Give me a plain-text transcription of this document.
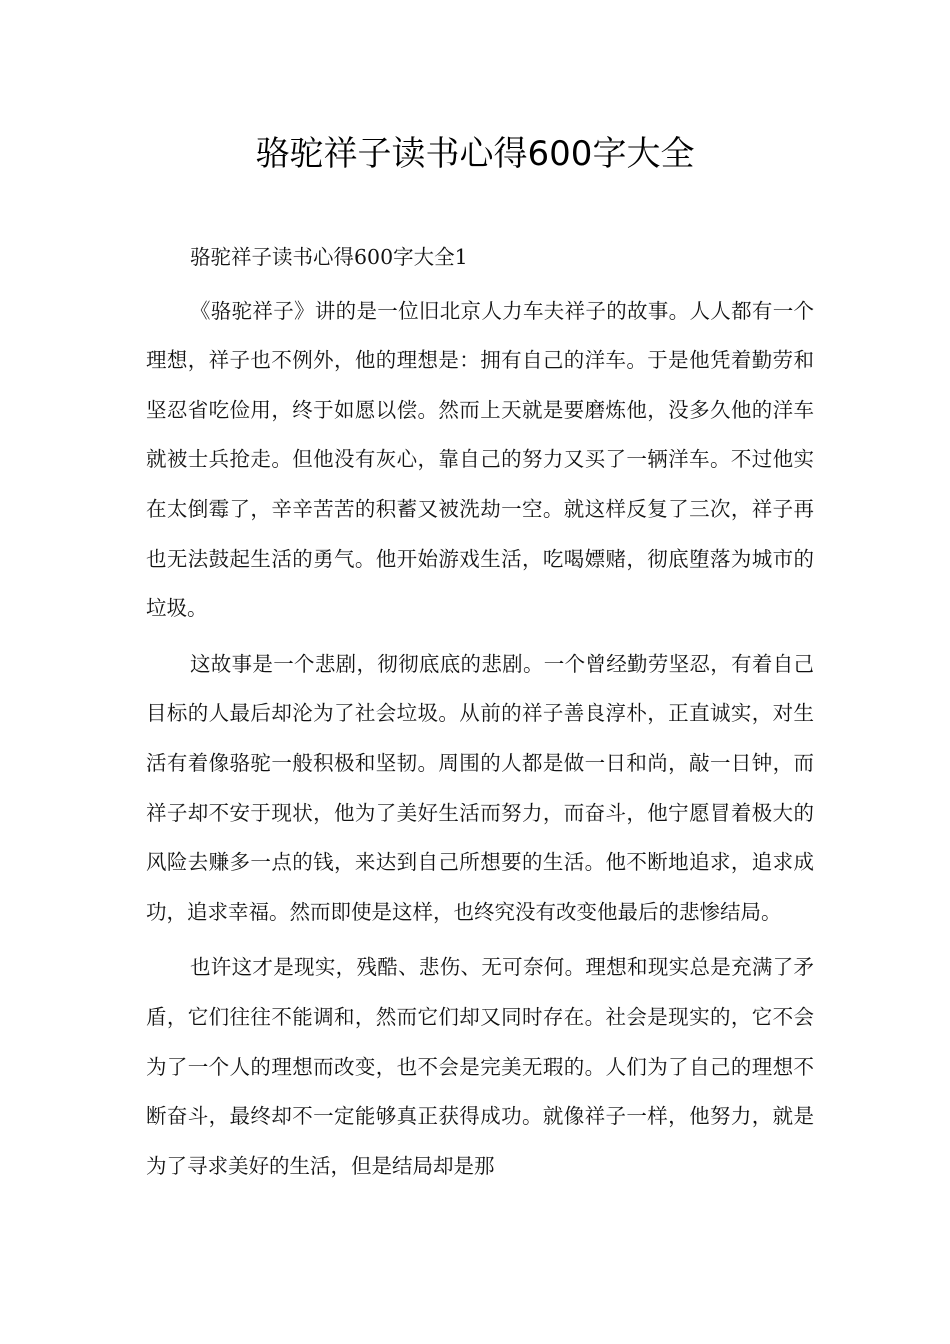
骆驼祥子读书心得600字大全

骆驼祥子读书心得600字大全1

《骆驼祥子》讲的是一位旧北京人力车夫祥子的故事。人人都有一个理想，祥子也不例外，他的理想是：拥有自己的洋车。于是他凭着勤劳和坚忍省吃俭用，终于如愿以偿。然而上天就是要磨炼他，没多久他的洋车就被士兵抢走。但他没有灰心，靠自己的努力又买了一辆洋车。不过他实在太倒霉了，辛辛苦苦的积蓄又被洗劫一空。就这样反复了三次，祥子再也无法鼓起生活的勇气。他开始游戏生活，吃喝嫖赌，彻底堕落为城市的垃圾。

这故事是一个悲剧，彻彻底底的悲剧。一个曾经勤劳坚忍，有着自己目标的人最后却沦为了社会垃圾。从前的祥子善良淳朴，正直诚实，对生活有着像骆驼一般积极和坚韧。周围的人都是做一日和尚，敲一日钟，而祥子却不安于现状，他为了美好生活而努力，而奋斗，他宁愿冒着极大的风险去赚多一点的钱，来达到自己所想要的生活。他不断地追求，追求成功，追求幸福。然而即使是这样，也终究没有改变他最后的悲惨结局。

也许这才是现实，残酷、悲伤、无可奈何。理想和现实总是充满了矛盾，它们往往不能调和，然而它们却又同时存在。社会是现实的，它不会为了一个人的理想而改变，也不会是完美无瑕的。人们为了自己的理想不断奋斗，最终却不一定能够真正获得成功。就像祥子一样，他努力，就是为了寻求美好的生活，但是结局却是那
